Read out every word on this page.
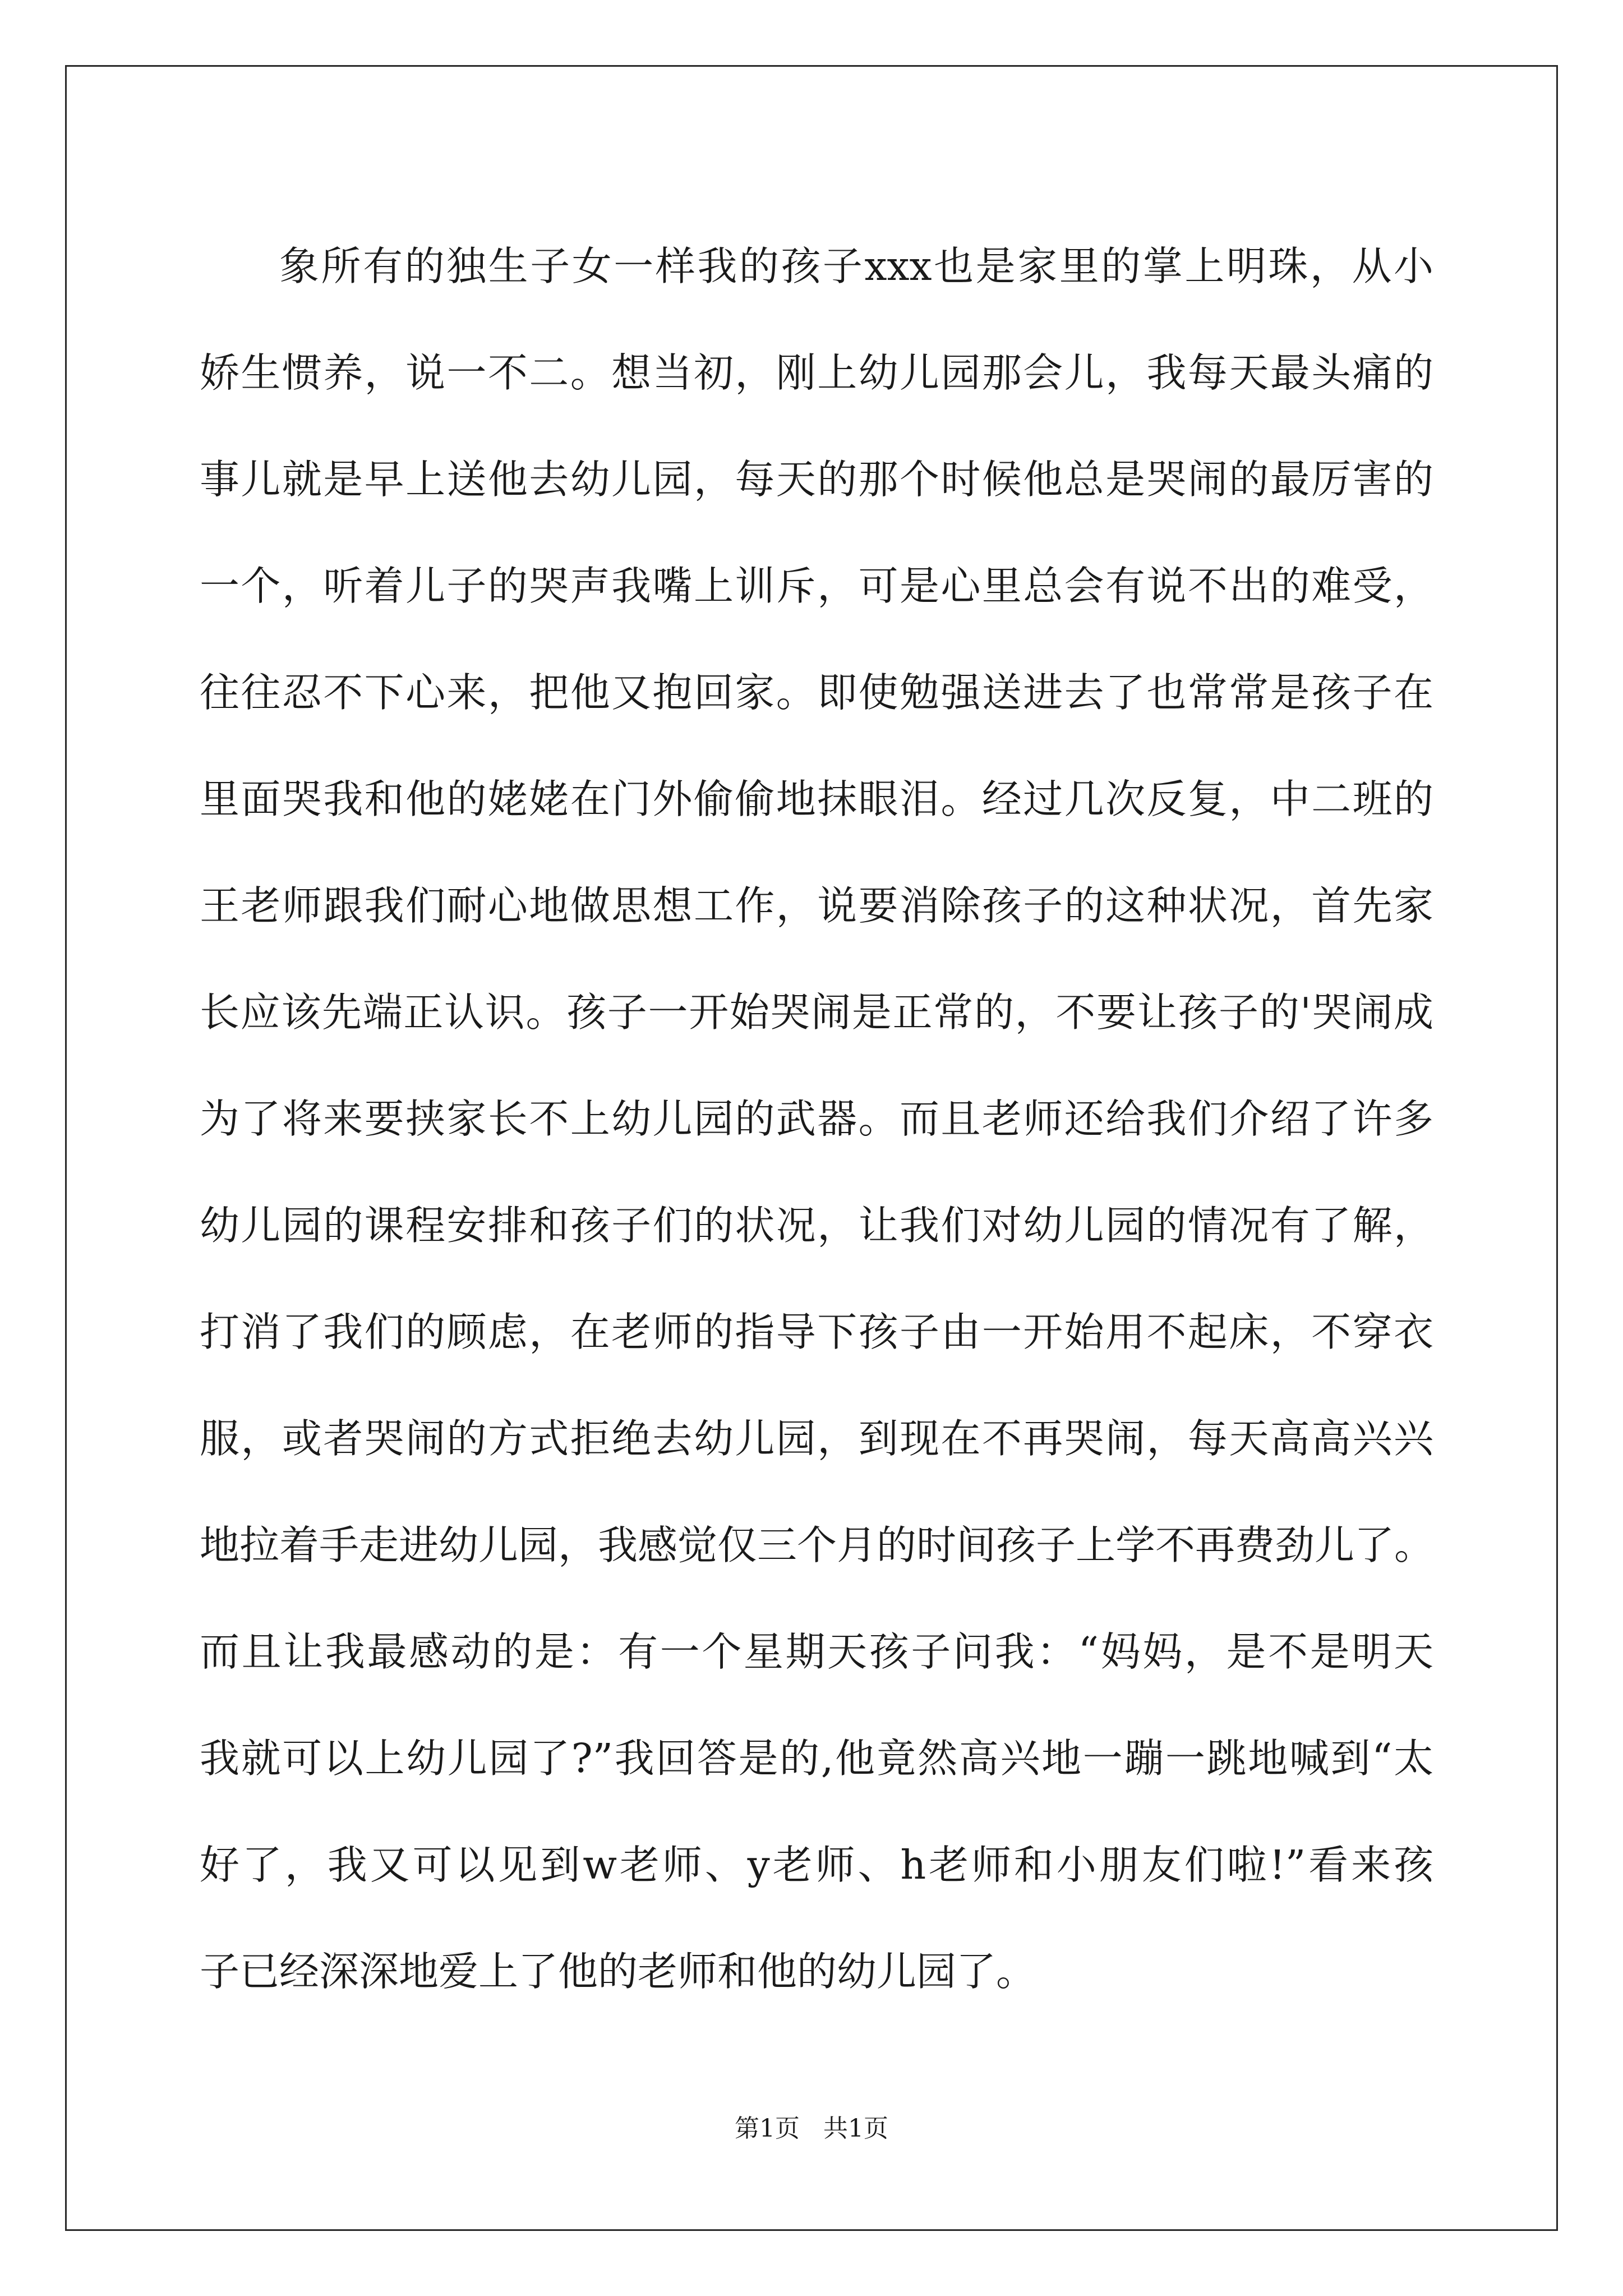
象所有的独生子女一样我的孩子xxx也是家里的掌上明珠，从小
娇生惯养，说一不二。想当初，刚上幼儿园那会儿，我每天最头痛的
事儿就是早上送他去幼儿园，每天的那个时候他总是哭闹的最厉害的
一个，听着儿子的哭声我嘴上训斥，可是心里总会有说不出的难受，
往往忍不下心来，把他又抱回家。即使勉强送进去了也常常是孩子在
里面哭我和他的姥姥在门外偷偷地抹眼泪。经过几次反复，中二班的
王老师跟我们耐心地做思想工作，说要消除孩子的这种状况，首先家
长应该先端正认识。孩子一开始哭闹是正常的，不要让孩子的'哭闹成
为了将来要挟家长不上幼儿园的武器。而且老师还给我们介绍了许多
幼儿园的课程安排和孩子们的状况，让我们对幼儿园的情况有了解，
打消了我们的顾虑，在老师的指导下孩子由一开始用不起床，不穿衣
服，或者哭闹的方式拒绝去幼儿园，到现在不再哭闹，每天高高兴兴
地拉着手走进幼儿园，我感觉仅三个月的时间孩子上学不再费劲儿了。
而且让我最感动的是：有一个星期天孩子问我：“妈妈，是不是明天
我就可以上幼儿园了?”我回答是的,他竟然高兴地一蹦一跳地喊到“太
好了，我又可以见到w老师、y老师、h老师和小朋友们啦!”看来孩
子已经深深地爱上了他的老师和他的幼儿园了。
第1页   共1页
